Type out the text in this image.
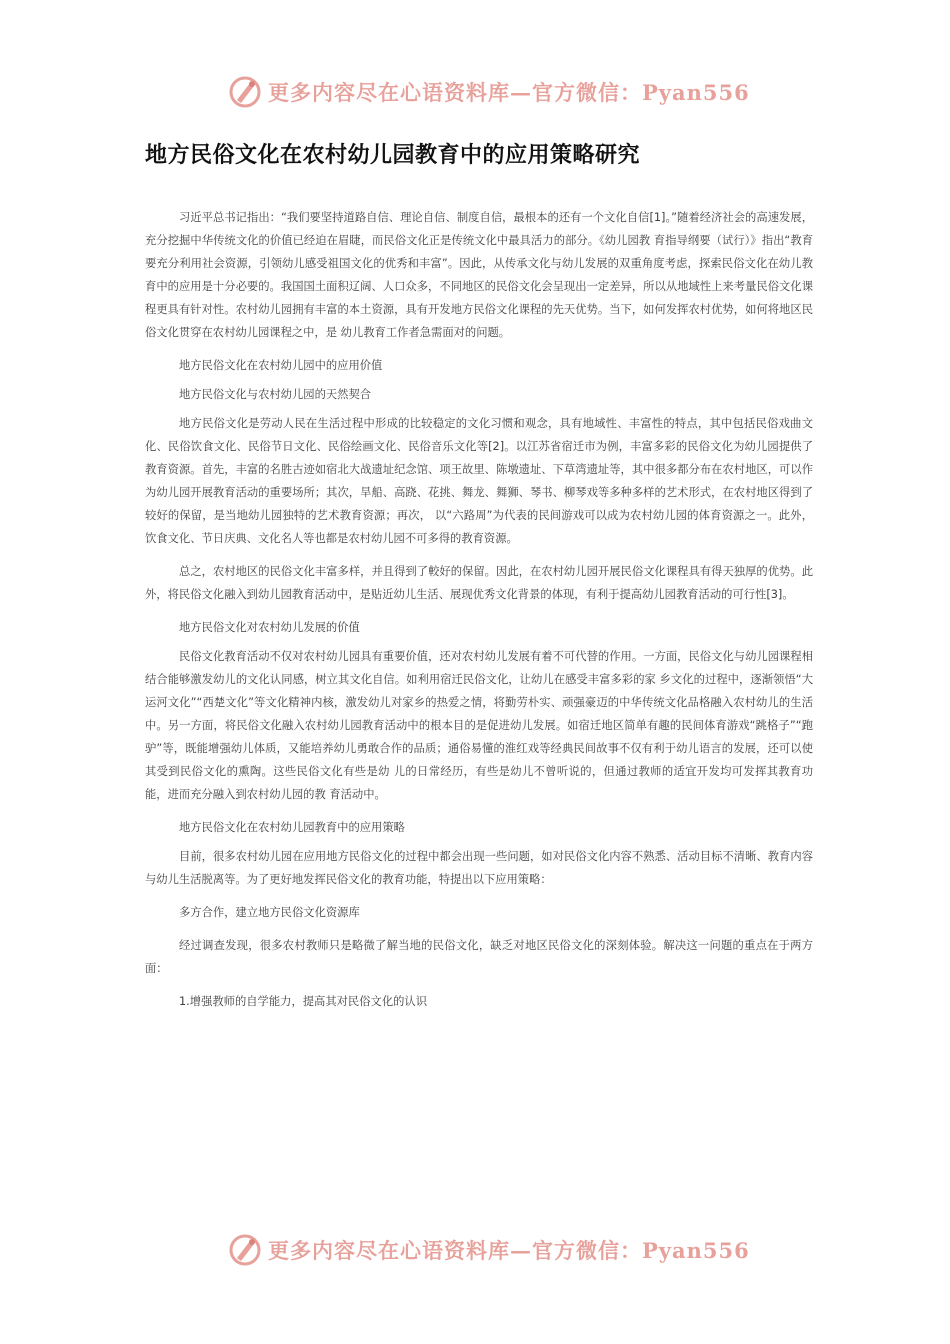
更多内容尽在心语资料库—官方微信：Pyan556
地方民俗文化在农村幼儿园教育中的应用策略研究

习近平总书记指出：“我们要坚持道路自信、理论自信、制度自信，最根本的还有一个文化自信[1]。”随着经济社会的高速发展，充分挖掘中华传统文化的价值已经迫在眉睫，而民俗文化正是传统文化中最具活力的部分。《幼儿园教 育指导纲要（试行）》指出“教育要充分利用社会资源，引领幼儿感受祖国文化的优秀和丰富”。因此，从传承文化与幼儿发展的双重角度考虑，探索民俗文化在幼儿教育中的应用是十分必要的。我国国土面积辽阔、人口众多，不同地区的民俗文化会呈现出一定差异，所以从地域性上来考量民俗文化课程更具有针对性。农村幼儿园拥有丰富的本土资源，具有开发地方民俗文化课程的先天优势。当下，如何发挥农村优势，如何将地区民俗文化贯穿在农村幼儿园课程之中，是 幼儿教育工作者急需面对的问题。

地方民俗文化在农村幼儿园中的应用价值

地方民俗文化与农村幼儿园的天然契合

地方民俗文化是劳动人民在生活过程中形成的比较稳定的文化习惯和观念，具有地域性、丰富性的特点，其中包括民俗戏曲文化、民俗饮食文化、民俗节日文化、民俗绘画文化、民俗音乐文化等[2]。以江苏省宿迁市为例，丰富多彩的民俗文化为幼儿园提供了教育资源。首先，丰富的名胜古迹如宿北大战遗址纪念馆、项王故里、陈墩遗址、下草湾遗址等，其中很多都分布在农村地区，可以作为幼儿园开展教育活动的重要场所；其次，旱船、高跷、花挑、舞龙、舞狮、琴书、柳琴戏等多种多样的艺术形式，在农村地区得到了较好的保留，是当地幼儿园独特的艺术教育资源；再次， 以“六路周”为代表的民间游戏可以成为农村幼儿园的体育资源之一。此外，饮食文化、节日庆典、文化名人等也都是农村幼儿园不可多得的教育资源。

总之，农村地区的民俗文化丰富多样，并且得到了較好的保留。因此，在农村幼儿园开展民俗文化课程具有得天独厚的优势。此外，将民俗文化融入到幼儿园教育活动中，是贴近幼儿生活、展现优秀文化背景的体现，有利于提高幼儿园教育活动的可行性[3]。

地方民俗文化对农村幼儿发展的价值

民俗文化教育活动不仅对农村幼儿园具有重要价值，还对农村幼儿发展有着不可代替的作用。一方面，民俗文化与幼儿园课程相结合能够激发幼儿的文化认同感，树立其文化自信。如利用宿迁民俗文化，让幼儿在感受丰富多彩的家 乡文化的过程中，逐渐领悟“大运河文化”“西楚文化”等文化精神内核，激发幼儿对家乡的热爱之情，将勤劳朴实、顽强豪迈的中华传统文化品格融入农村幼儿的生活中。另一方面，将民俗文化融入农村幼儿园教育活动中的根本目的是促进幼儿发展。如宿迁地区简单有趣的民间体育游戏“跳格子”“跑驴”等，既能增强幼儿体质，又能培养幼儿勇敢合作的品质；通俗易懂的淮红戏等经典民间故事不仅有利于幼儿语言的发展，还可以使其受到民俗文化的熏陶。这些民俗文化有些是幼 儿的日常经历，有些是幼儿不曾听说的，但通过教师的适宜开发均可发挥其教育功能，进而充分融入到农村幼儿园的教 育活动中。

地方民俗文化在农村幼儿园教育中的应用策略

目前，很多农村幼儿园在应用地方民俗文化的过程中都会出现一些问题，如对民俗文化内容不熟悉、活动目标不清晰、教育内容与幼儿生活脱离等。为了更好地发挥民俗文化的教育功能，特提出以下应用策略：

多方合作，建立地方民俗文化资源库

经过调查发现，很多农村教师只是略微了解当地的民俗文化，缺乏对地区民俗文化的深刻体验。解决这一问题的重点在于两方面：

1.增强教师的自学能力，提高其对民俗文化的认识

更多内容尽在心语资料库—官方微信：Pyan556
